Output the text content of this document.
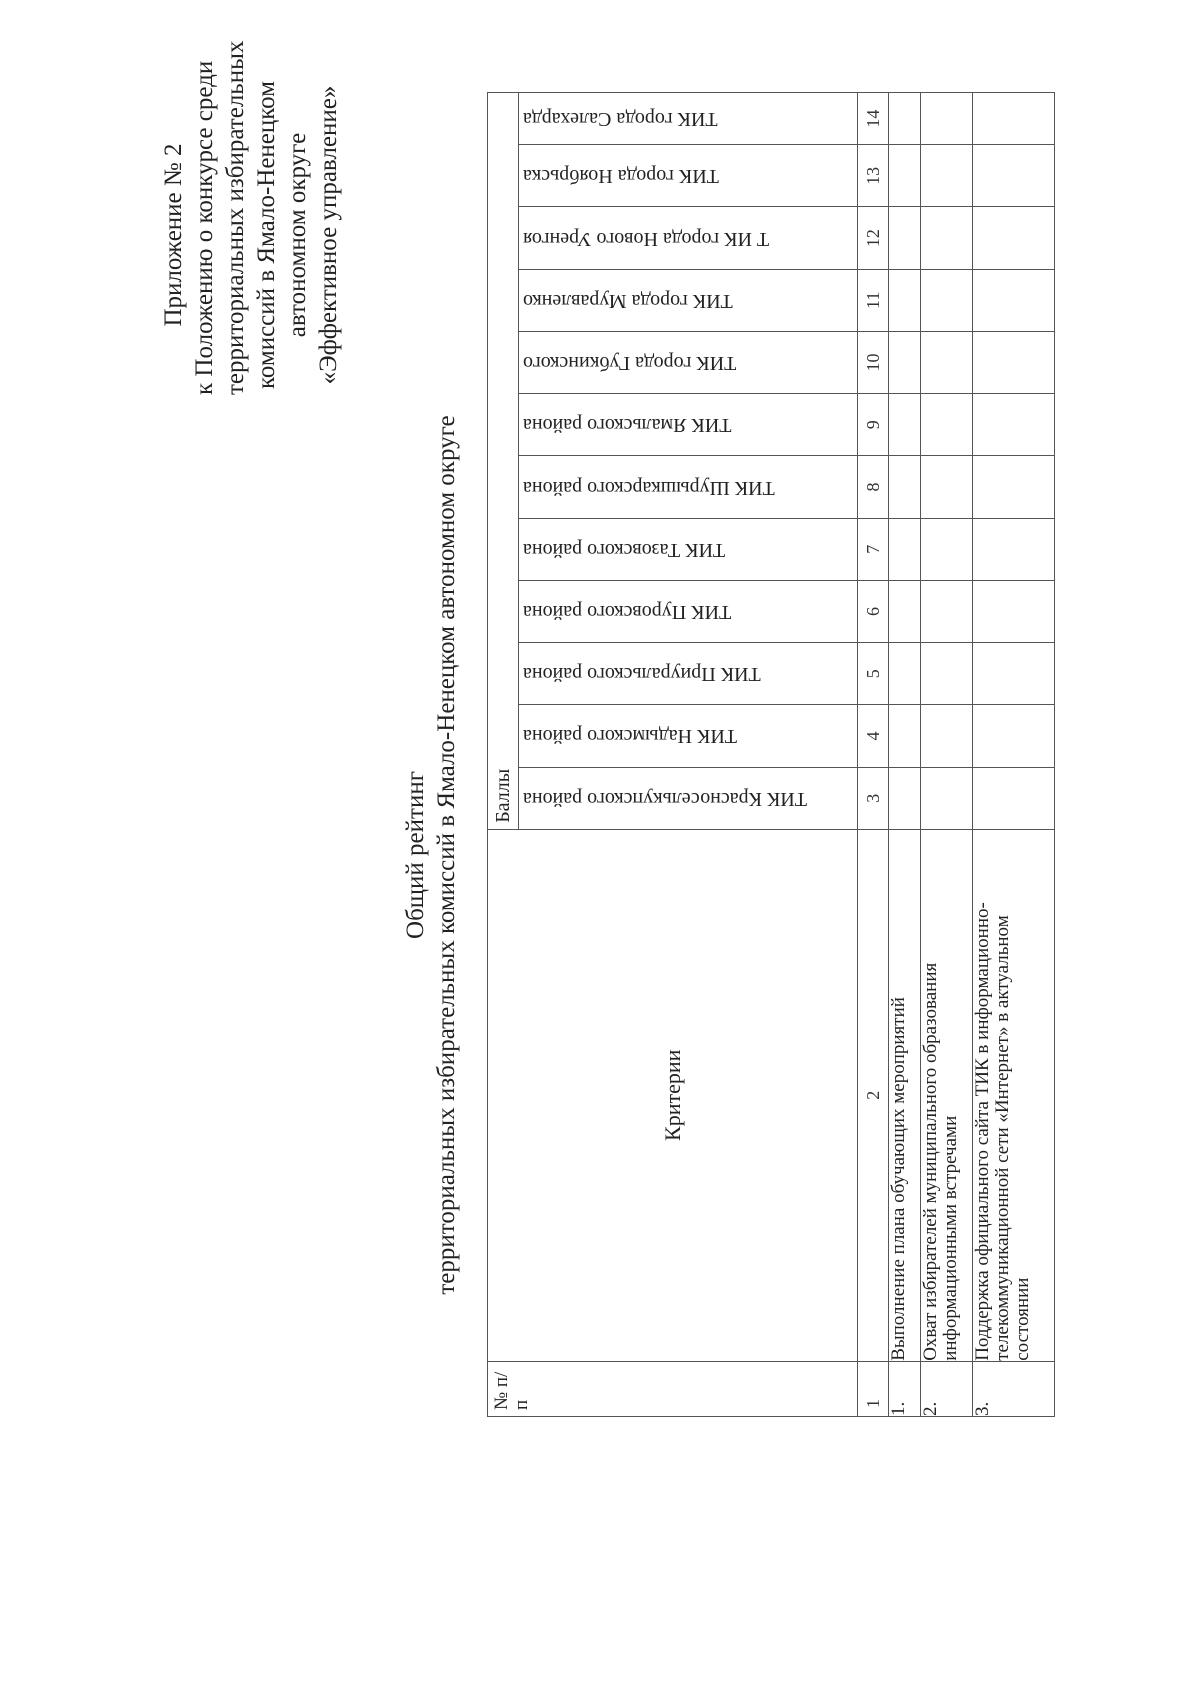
Приложение № 2 к Положению о конкурсе среди территориальных избирательных комиссий в Ямало-Ненецком автономном округе «Эффективное управление»
Общий рейтинг территориальных избирательных комиссий в Ямало-Ненецком автономном округе
№ п/п	Критерии	Баллы											
		ТИК Красноселькупского района	ТИК Надымского района	ТИК Приуральского района	ТИК Пуровского района	ТИК Тазовского района	ТИК Шурышкарского района	ТИК Ямальского района	ТИК города Губкинского	ТИК города Муравленко	Т ИК города Нового Уренгоя	ТИК города Ноябрьска	ТИК города Салехарда
1	2	3	4	5	6	7	8	9	10	11	12	13	14
1.	Выполнение плана обучающих мероприятий												
2.	Охват избирателей муниципального образования информационными встречами												
3.	Поддержка официального сайта ТИК в информационно-телекоммуникационной сети «Интернет» в актуальном состоянии												
